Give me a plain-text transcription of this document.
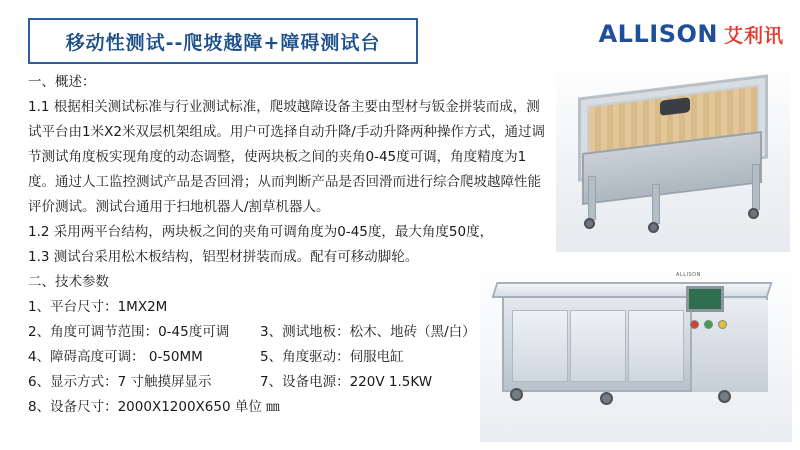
移动性测试--爬坡越障+障碍测试台	ALLISON 艾利讯
一、概述：
1.1 根据相关测试标准与行业测试标准，爬坡越障设备主要由型材与钣金拼装而成，测试平台由1米X2米双层机架组成。用户可选择自动升降/手动升降两种操作方式，通过调节测试角度板实现角度的动态调整，使两块板之间的夹角0-45度可调，角度精度为1度。通过人工监控测试产品是否回滑；从而判断产品是否回滑而进行综合爬坡越障性能评价测试。测试台通用于扫地机器人/割草机器人。
1.2 采用两平台结构，两块板之间的夹角可调角度为0-45度，最大角度50度，
1.3 测试台采用松木板结构，铝型材拼装而成。配有可移动脚轮。
二、技术参数
1、平台尺寸：1MX2M
2、角度可调节范围：0-45度可调	3、测试地板：松木、地砖（黑/白）
4、障碍高度可调： 0-50MM	5、角度驱动：伺服电缸
6、显示方式：7 寸触摸屏显示	7、设备电源：220V 1.5KW
8、设备尺寸：2000X1200X650 单位 ㎜
ALLISON
